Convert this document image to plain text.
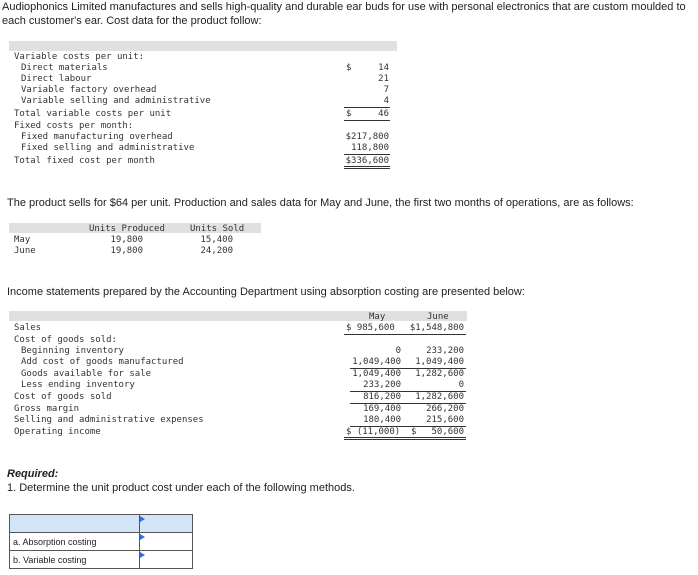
Audiophonics Limited manufactures and sells high-quality and durable ear buds for use with personal electronics that are custom moulded to each customer's ear. Cost data for the product follow:
Variable costs per unit:
Direct materials	$	14
Direct labour	21
Variable factory overhead	7
Variable selling and administrative	4
Total variable costs per unit	$	46
Fixed costs per month:
Fixed manufacturing overhead	$217,800
Fixed selling and administrative	118,800
Total fixed cost per month	$336,600
The product sells for $64 per unit. Production and sales data for May and June, the first two months of operations, are as follows:
Units Produced	Units Sold
May	19,800	15,400
June	19,800	24,200
Income statements prepared by the Accounting Department using absorption costing are presented below:
May	June
Sales	$ 985,600	$1,548,800
Cost of goods sold:
Beginning inventory	0	233,200
Add cost of goods manufactured	1,049,400	1,049,400
Goods available for sale	1,049,400	1,282,600
Less ending inventory	233,200	0
Cost of goods sold	816,200	1,282,600
Gross margin	169,400	266,200
Selling and administrative expenses	180,400	215,600
Operating income	$ (11,000) $	50,600
Required:
1. Determine the unit product cost under each of the following methods.

a. Absorption costing	
b. Variable costing	
